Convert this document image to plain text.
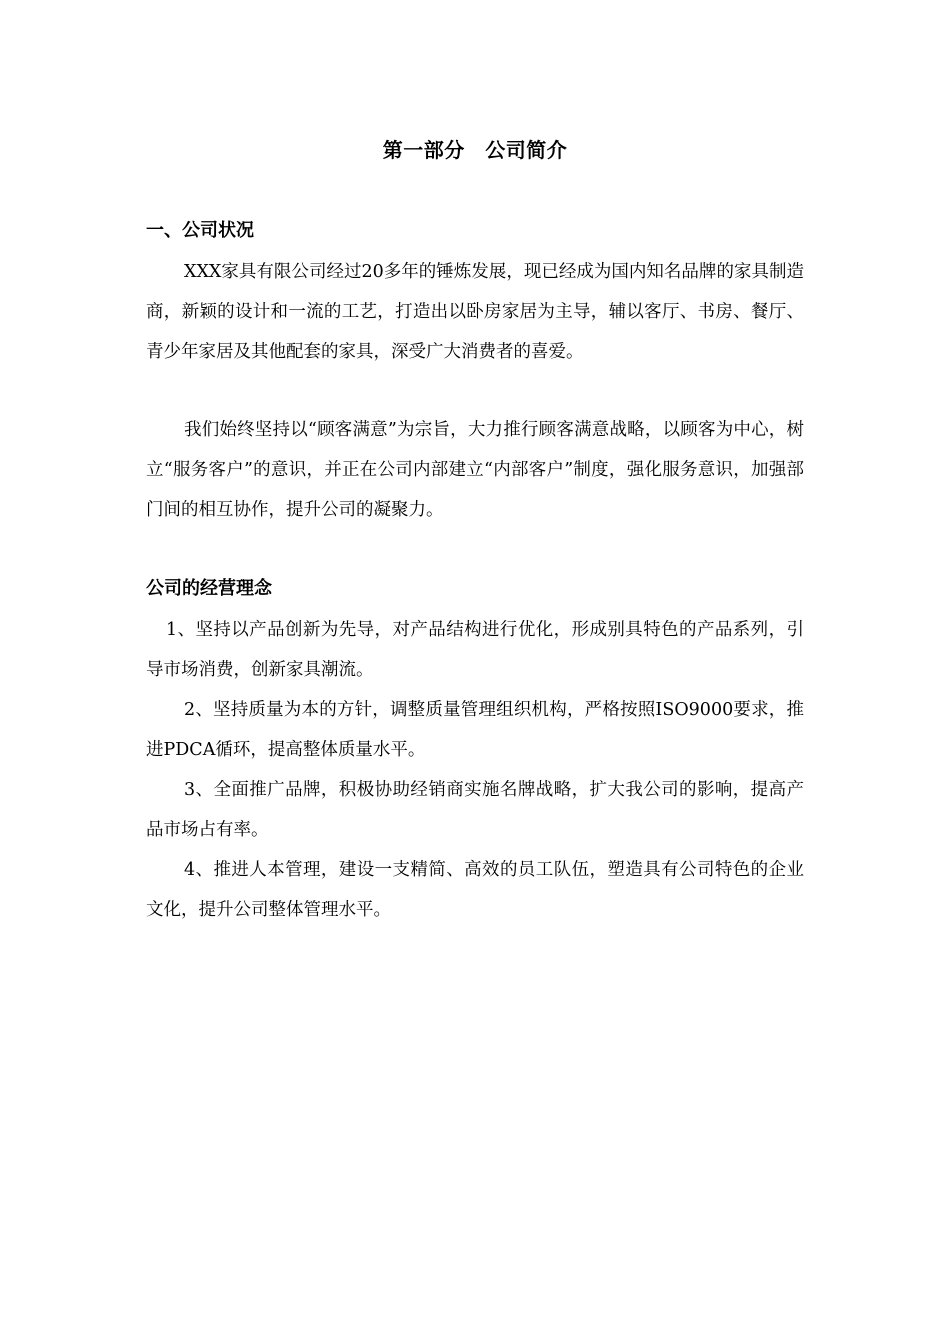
第一部分　公司简介
一、公司状况

XXX家具有限公司经过20多年的锤炼发展，现已经成为国内知名品牌的家具制造商，新颖的设计和一流的工艺，打造出以卧房家居为主导，辅以客厅、书房、餐厅、青少年家居及其他配套的家具，深受广大消费者的喜爱。

我们始终坚持以“顾客满意”为宗旨，大力推行顾客满意战略，以顾客为中心，树立“服务客户”的意识，并正在公司内部建立“内部客户”制度，强化服务意识，加强部门间的相互协作，提升公司的凝聚力。

公司的经营理念

1、坚持以产品创新为先导，对产品结构进行优化，形成别具特色的产品系列，引导市场消费，创新家具潮流。

2、坚持质量为本的方针，调整质量管理组织机构，严格按照ISO9000要求，推进PDCA循环，提高整体质量水平。

3、全面推广品牌，积极协助经销商实施名牌战略，扩大我公司的影响，提高产品市场占有率。

4、推进人本管理，建设一支精简、高效的员工队伍，塑造具有公司特色的企业文化，提升公司整体管理水平。
